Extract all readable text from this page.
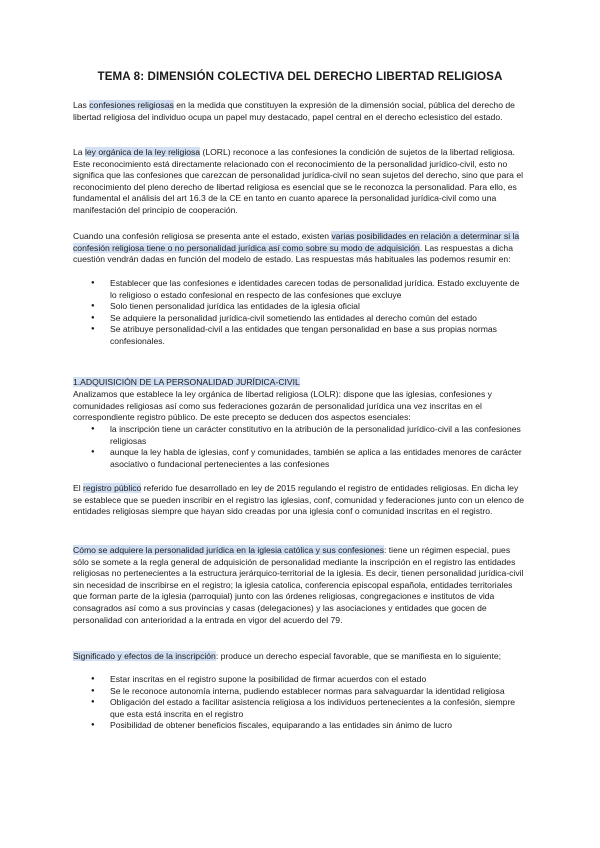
TEMA 8: DIMENSIÓN COLECTIVA DEL DERECHO LIBERTAD RELIGIOSA

Las confesiones religiosas en la medida que constituyen la expresión de la dimensión social, pública del derecho de libertad religiosa del individuo ocupa un papel muy destacado, papel central en el derecho eclesistico del estado.

La ley orgánica de la ley religiosa (LORL) reconoce a las confesiones la condición de sujetos de la libertad religiosa. Este reconocimiento está directamente relacionado con el reconocimiento de la personalidad jurídico-civil, esto no significa que las confesiones que carezcan de personalidad jurídica-civil no sean sujetos del derecho, sino que para el reconocimiento del pleno derecho de libertad religiosa es esencial que se le reconozca la personalidad. Para ello, es fundamental el análisis del art 16.3 de la CE en tanto en cuanto aparece la personalidad jurídica-civil como una manifestación del principio de cooperación.

Cuando una confesión religiosa se presenta ante el estado, existen varias posibilidades en relación a determinar si la confesión religiosa tiene o no personalidad jurídica así como sobre su modo de adquisición. Las respuestas a dicha cuestión vendrán dadas en función del modelo de estado. Las respuestas más habituales las podemos resumir en:

● Establecer que las confesiones e identidades carecen todas de personalidad jurídica. Estado excluyente de lo religioso o estado confesional en respecto de las confesiones que excluye
● Solo tienen personalidad jurídica las entidades de la iglesia oficial
● Se adquiere la personalidad jurídica-civil sometiendo las entidades al derecho común del estado
● Se atribuye personalidad-civil a las entidades que tengan personalidad en base a sus propias normas confesionales.

1.ADQUISICIÓN DE LA PERSONALIDAD JURÍDICA-CIVIL

Analizamos que establece la ley orgánica de libertad religiosa (LOLR): dispone que las iglesias, confesiones y comunidades religiosas así como sus federaciones gozarán de personalidad jurídica una vez inscritas en el correspondiente registro público. De este precepto se deducen dos aspectos esenciales:

● la inscripción tiene un carácter constitutivo en la atribución de la personalidad jurídico-civil a las confesiones religiosas
● aunque la ley habla de iglesias, conf y comunidades, también se aplica a las entidades menores de carácter asociativo o fundacional pertenecientes a las confesiones

El registro público referido fue desarrollado en ley de 2015 regulando el registro de entidades religiosas. En dicha ley se establece que se pueden inscribir en el registro las iglesias, conf, comunidad y federaciones junto con un elenco de entidades religiosas siempre que hayan sido creadas por una iglesia conf o comunidad inscritas en el registro.

Cómo se adquiere la personalidad jurídica en la iglesia católica y sus confesiones: tiene un régimen especial, pues sólo se somete a la regla general de adquisición de personalidad mediante la inscripción en el registro las entidades religiosas no pertenecientes a la estructura jerárquico-territorial de la iglesia. Es decir, tienen personalidad jurídica-civil sin necesidad de inscribirse en el registro; la iglesia catolica, conferencia episcopal española, entidades territoriales que forman parte de la iglesia (parroquial) junto con las órdenes religiosas, congregaciones e institutos de vida consagrados así como a sus provincias y casas (delegaciones) y las asociaciones y entidades que gocen de personalidad con anterioridad a la entrada en vigor del acuerdo del 79.

Significado y efectos de la inscripción: produce un derecho especial favorable, que se manifiesta en lo siguiente;

● Estar inscritas en el registro supone la posibilidad de firmar acuerdos con el estado
● Se le reconoce autonomía interna, pudiendo establecer normas para salvaguardar la identidad religiosa
● Obligación del estado a facilitar asistencia religiosa a los individuos pertenecientes a la confesión, siempre que esta está inscrita en el registro
● Posibilidad de obtener beneficios fiscales, equiparando a las entidades sin ánimo de lucro
